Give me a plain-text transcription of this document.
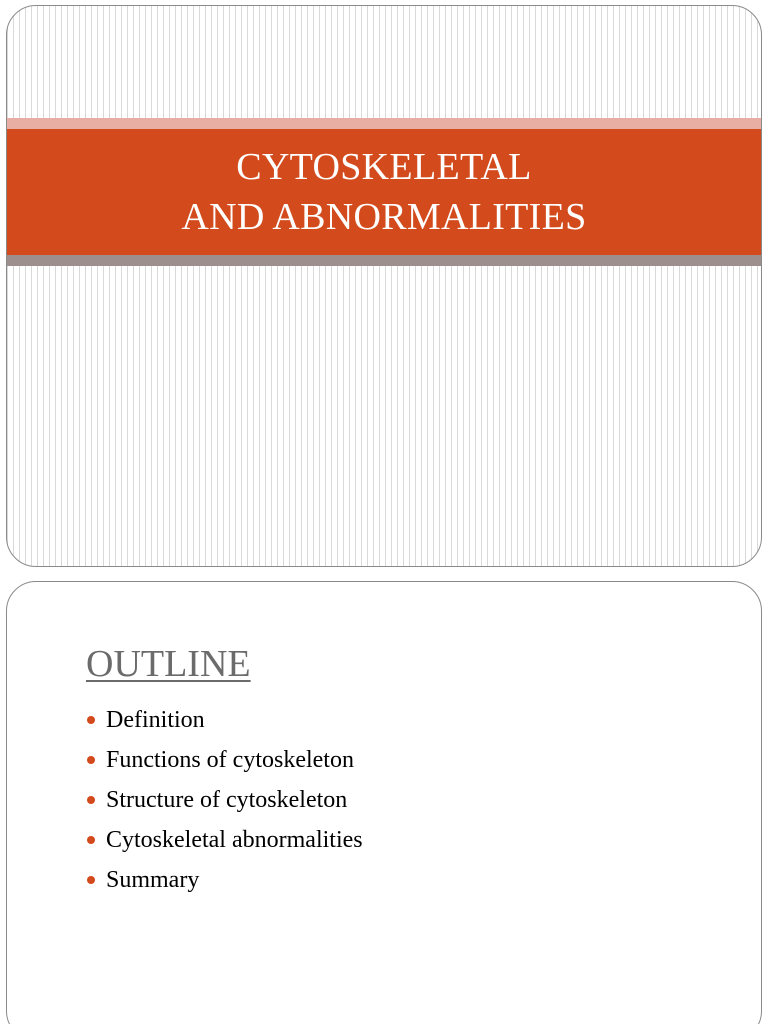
CYTOSKELETAL
AND ABNORMALITIES
OUTLINE
Definition
Functions of cytoskeleton
Structure of cytoskeleton
Cytoskeletal abnormalities
Summary
